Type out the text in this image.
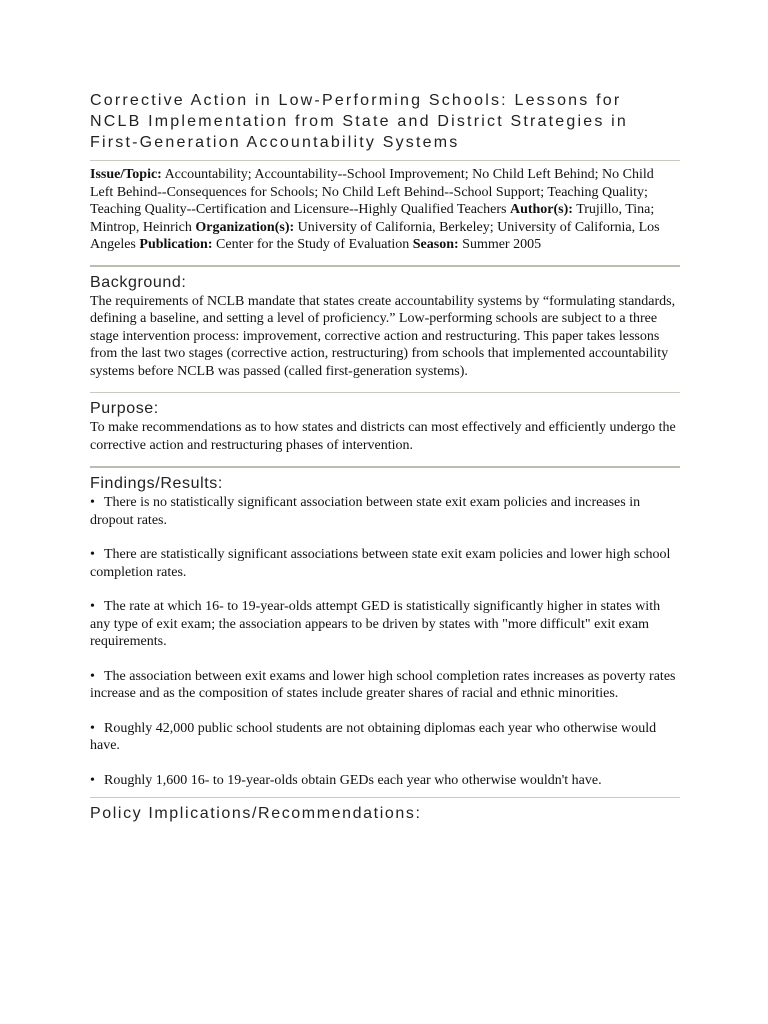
Corrective Action in Low-Performing Schools: Lessons for
NCLB Implementation from State and District Strategies in
First-Generation Accountability Systems

Issue/Topic: Accountability; Accountability--School Improvement; No Child Left Behind; No Child Left Behind--Consequences for Schools; No Child Left Behind--School Support; Teaching Quality; Teaching Quality--Certification and Licensure--Highly Qualified Teachers Author(s): Trujillo, Tina; Mintrop, Heinrich Organization(s): University of California, Berkeley; University of California, Los Angeles Publication: Center for the Study of Evaluation Season: Summer 2005

Background:

The requirements of NCLB mandate that states create accountability systems by “formulating standards, defining a baseline, and setting a level of proficiency.” Low-performing schools are subject to a three stage intervention process: improvement, corrective action and restructuring. This paper takes lessons from the last two stages (corrective action, restructuring) from schools that implemented accountability systems before NCLB was passed (called first-generation systems).

Purpose:

To make recommendations as to how states and districts can most effectively and efficiently undergo the corrective action and restructuring phases of intervention.

Findings/Results:

• There is no statistically significant association between state exit exam policies and increases in dropout rates.

• There are statistically significant associations between state exit exam policies and lower high school completion rates.

• The rate at which 16- to 19-year-olds attempt GED is statistically significantly higher in states with any type of exit exam; the association appears to be driven by states with "more difficult" exit exam requirements.

• The association between exit exams and lower high school completion rates increases as poverty rates increase and as the composition of states include greater shares of racial and ethnic minorities.

• Roughly 42,000 public school students are not obtaining diplomas each year who otherwise would have.

• Roughly 1,600 16- to 19-year-olds obtain GEDs each year who otherwise wouldn't have.

Policy Implications/Recommendations:
